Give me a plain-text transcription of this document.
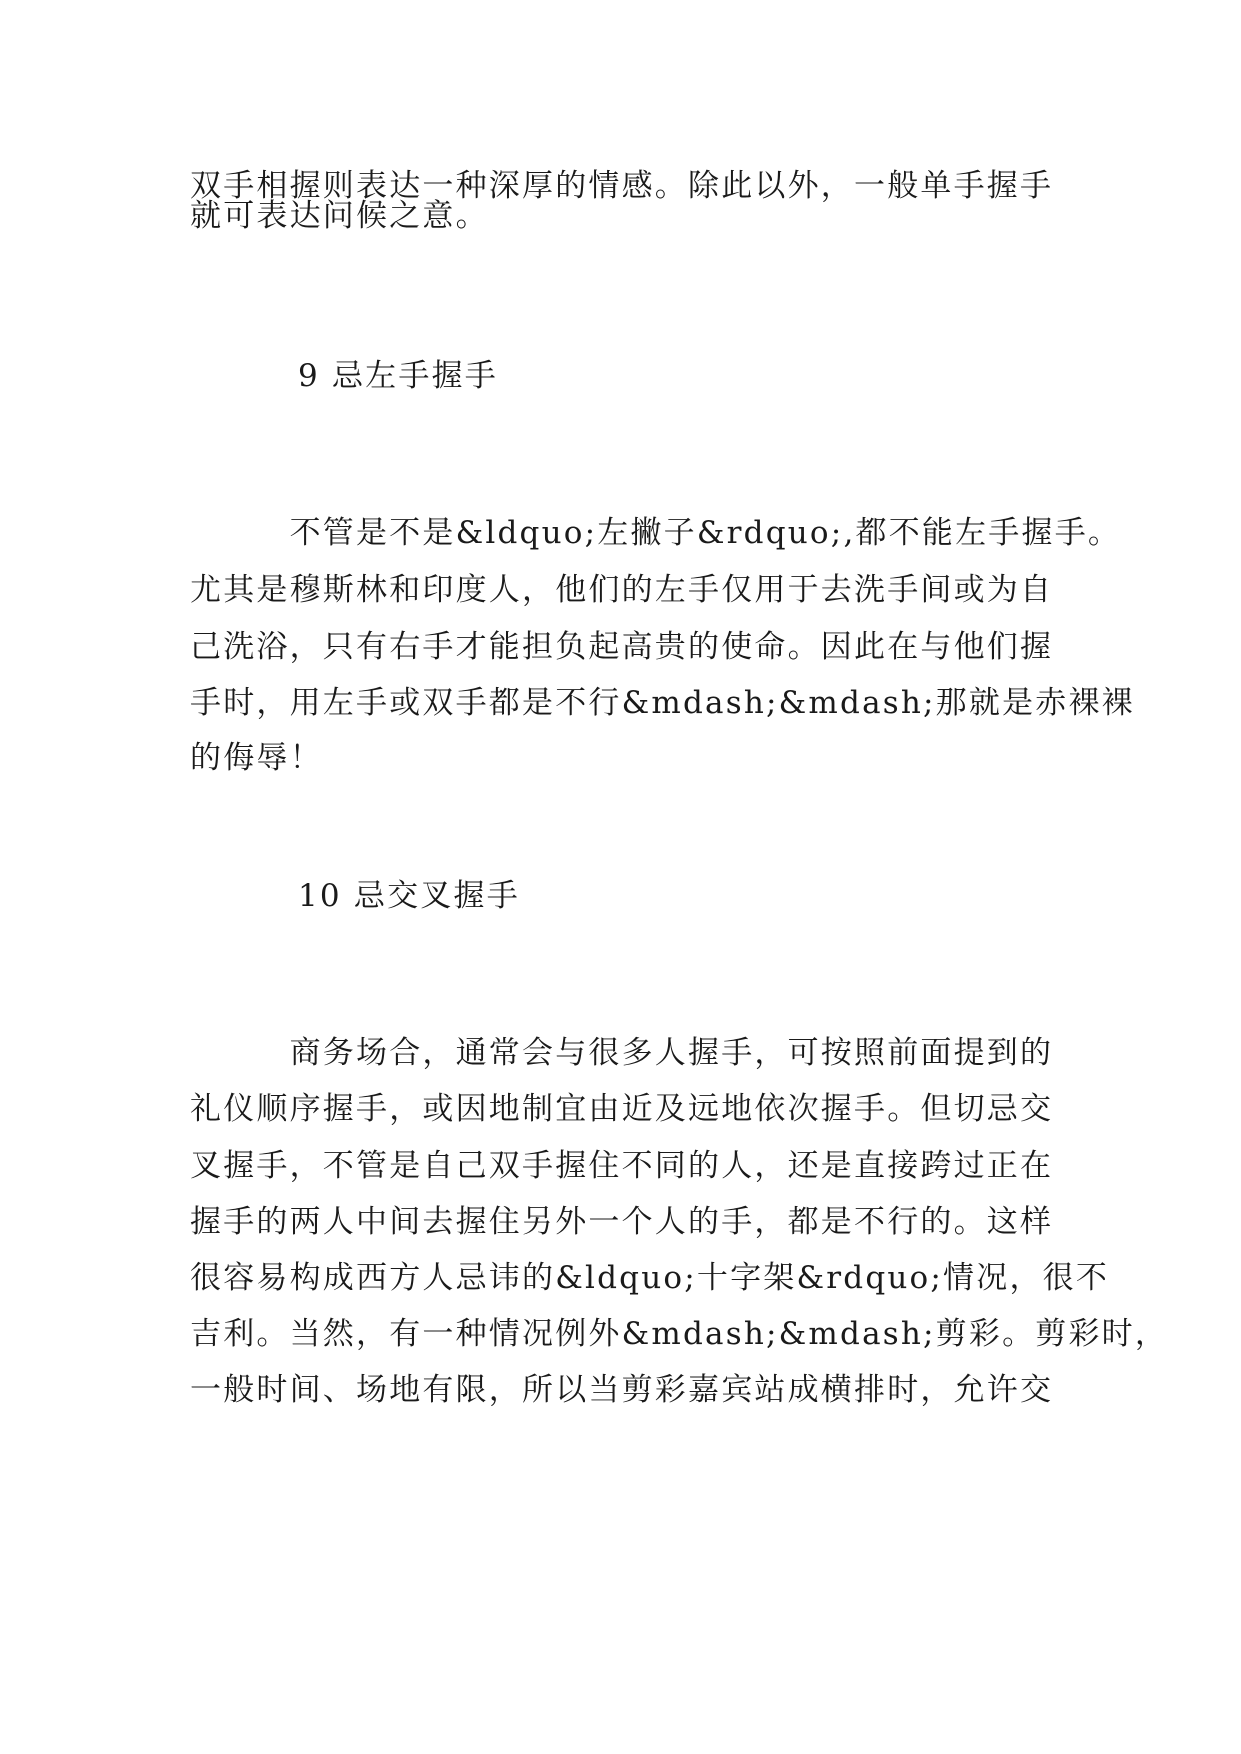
双手相握则表达一种深厚的情感。除此以外，一般单手握手
就可表达问候之意。
9 忌左手握手
　　　不管是不是&ldquo;左撇子&rdquo;,都不能左手握手。
尤其是穆斯林和印度人，他们的左手仅用于去洗手间或为自
己洗浴，只有右手才能担负起高贵的使命。因此在与他们握
手时，用左手或双手都是不行&mdash;&mdash;那就是赤裸裸
的侮辱！
10 忌交叉握手
　　　商务场合，通常会与很多人握手，可按照前面提到的
礼仪顺序握手，或因地制宜由近及远地依次握手。但切忌交
叉握手，不管是自己双手握住不同的人，还是直接跨过正在
握手的两人中间去握住另外一个人的手，都是不行的。这样
很容易构成西方人忌讳的&ldquo;十字架&rdquo;情况，很不
吉利。当然，有一种情况例外&mdash;&mdash;剪彩。剪彩时，
一般时间、场地有限，所以当剪彩嘉宾站成横排时，允许交
